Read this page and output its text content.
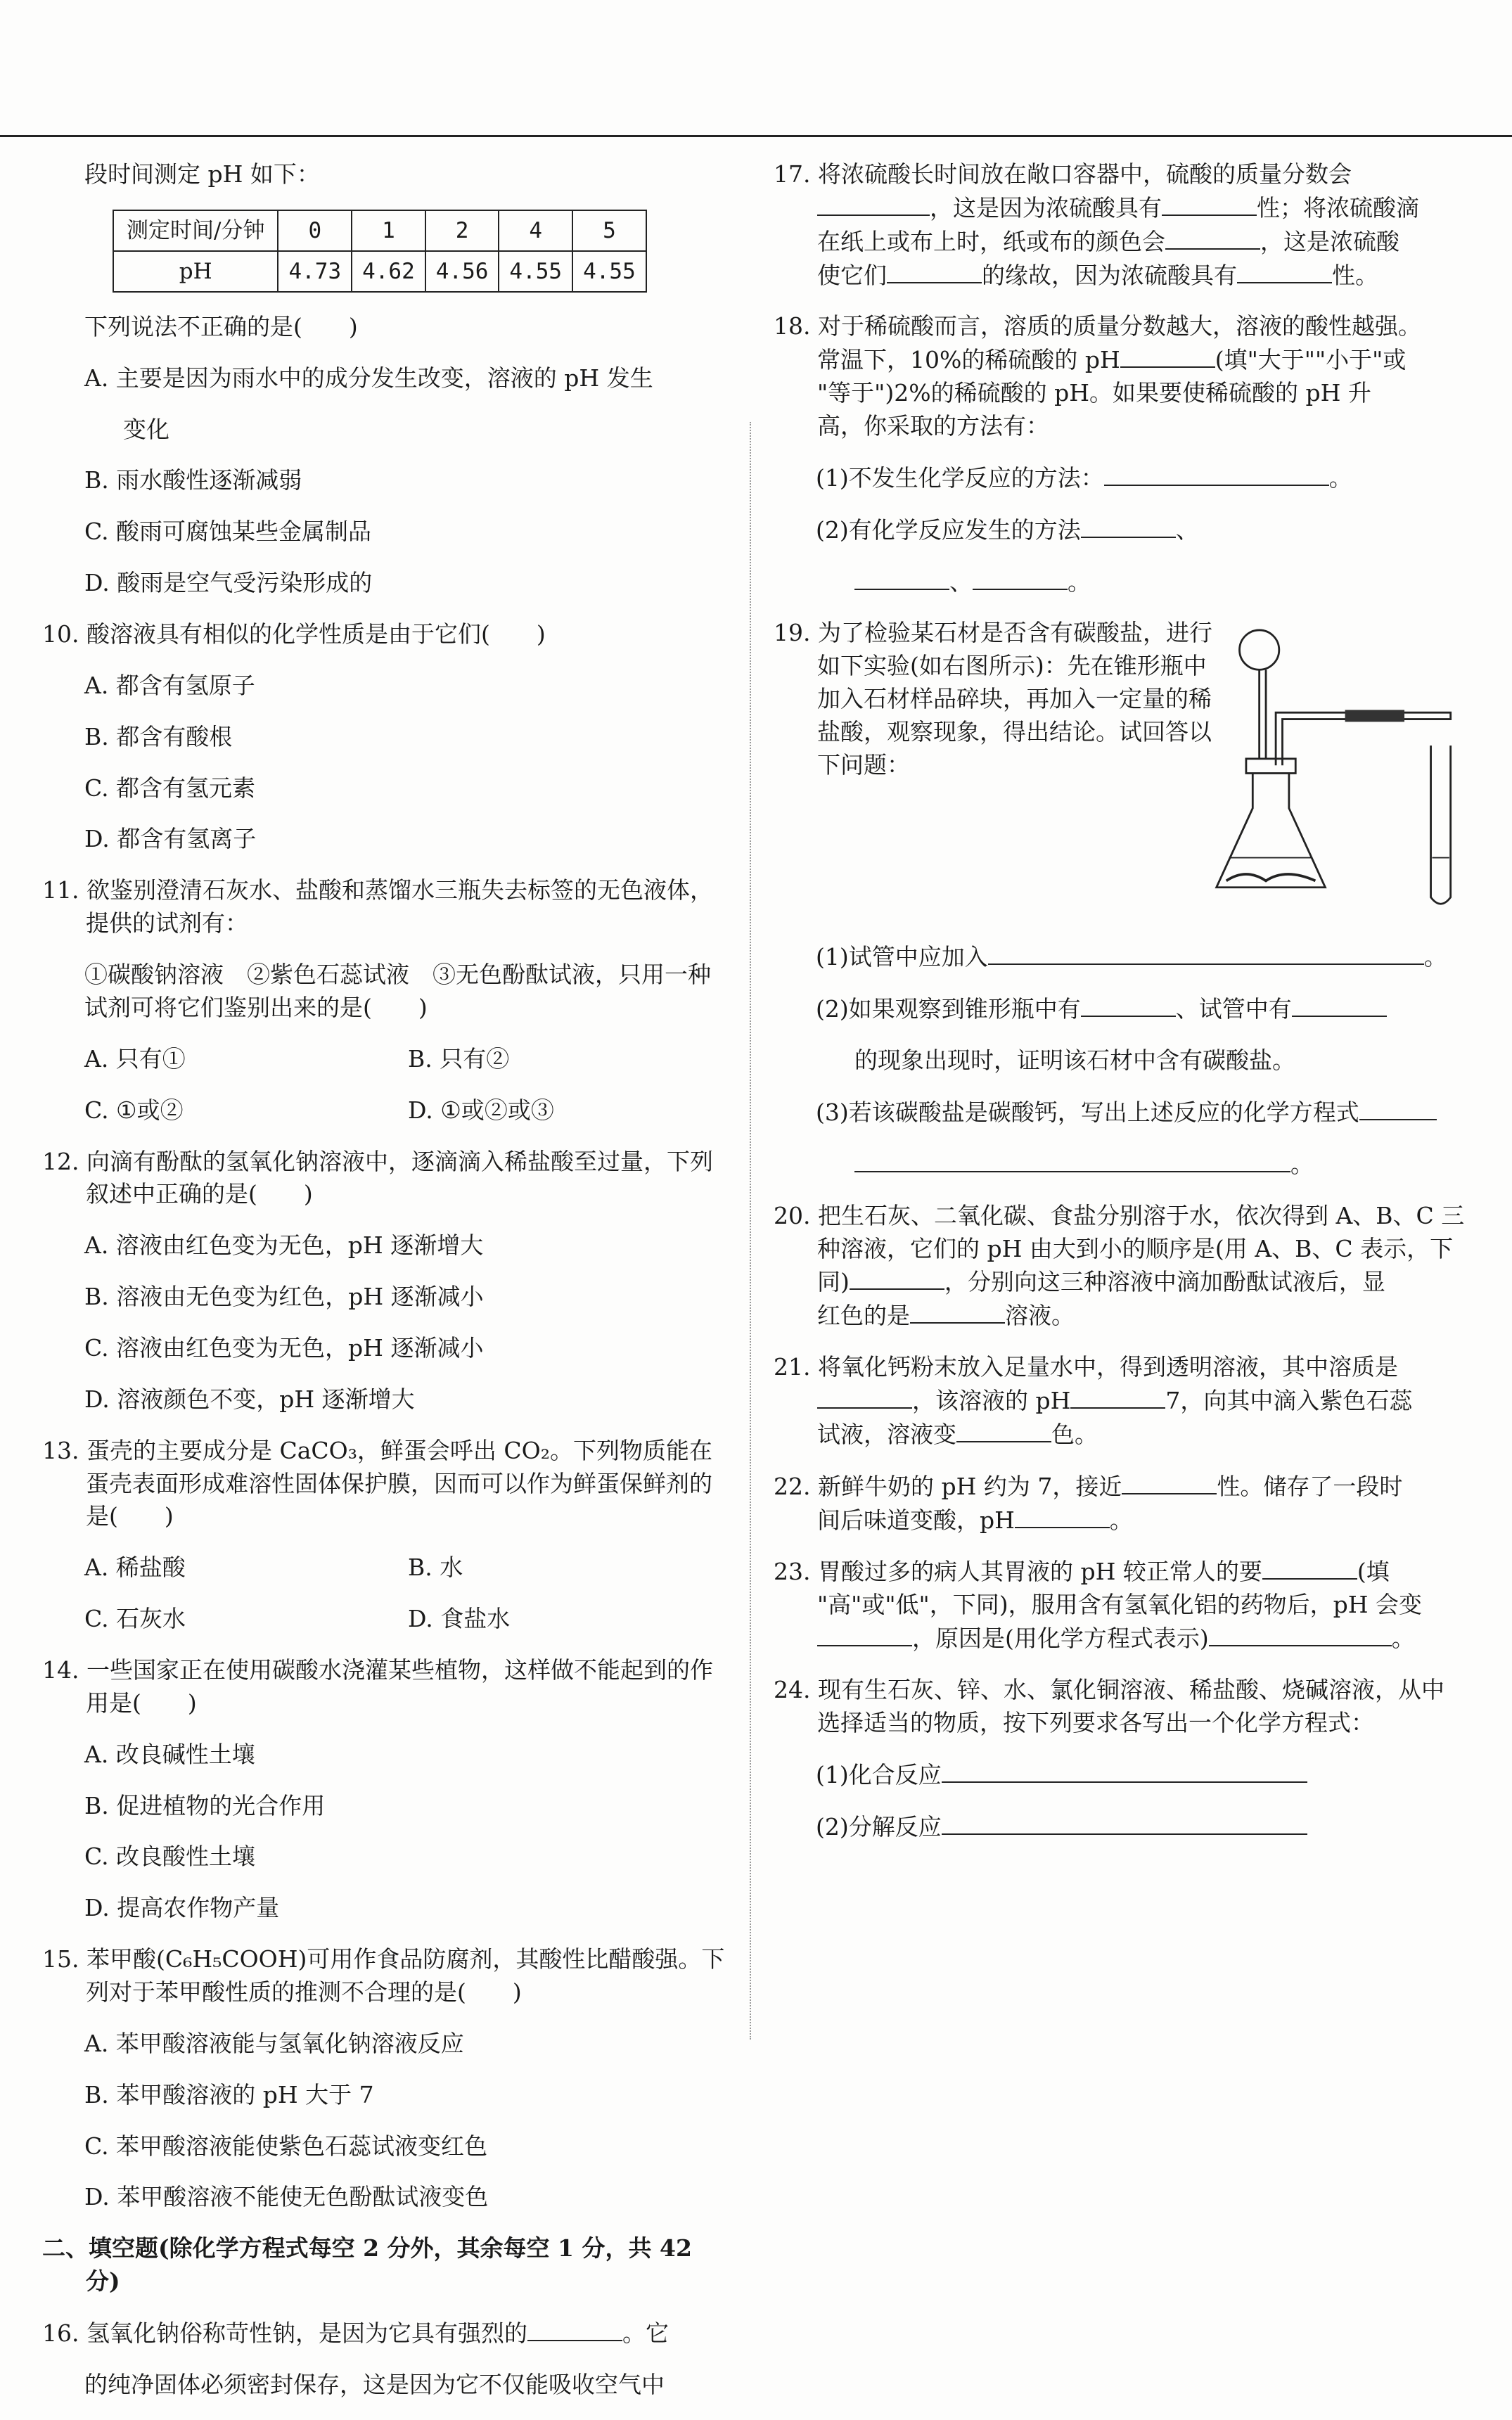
段时间测定 pH 如下：

测定时间/分钟	0	1	2	4	5
pH	4.73	4.62	4.56	4.55	4.55

下列说法不正确的是(　　)

A. 主要是因为雨水中的成分发生改变，溶液的 pH 发生

变化

B. 雨水酸性逐渐减弱

C. 酸雨可腐蚀某些金属制品

D. 酸雨是空气受污染形成的

10. 酸溶液具有相似的化学性质是由于它们(　　)

A. 都含有氢原子

B. 都含有酸根

C. 都含有氢元素

D. 都含有氢离子

11. 欲鉴别澄清石灰水、盐酸和蒸馏水三瓶失去标签的无色液体，提供的试剂有：

①碳酸钠溶液　②紫色石蕊试液　③无色酚酞试液，只用一种试剂可将它们鉴别出来的是(　　)

A. 只有①	B. 只有②
C. ①或②	D. ①或②或③

12. 向滴有酚酞的氢氧化钠溶液中，逐滴滴入稀盐酸至过量，下列叙述中正确的是(　　)

A. 溶液由红色变为无色，pH 逐渐增大

B. 溶液由无色变为红色，pH 逐渐减小

C. 溶液由红色变为无色，pH 逐渐减小

D. 溶液颜色不变，pH 逐渐增大

13. 蛋壳的主要成分是 CaCO₃，鲜蛋会呼出 CO₂。下列物质能在蛋壳表面形成难溶性固体保护膜，因而可以作为鲜蛋保鲜剂的是(　　)

A. 稀盐酸	B. 水
C. 石灰水	D. 食盐水

14. 一些国家正在使用碳酸水浇灌某些植物，这样做不能起到的作用是(　　)

A. 改良碱性土壤

B. 促进植物的光合作用

C. 改良酸性土壤

D. 提高农作物产量

15. 苯甲酸(C₆H₅COOH)可用作食品防腐剂，其酸性比醋酸强。下列对于苯甲酸性质的推测不合理的是(　　)

A. 苯甲酸溶液能与氢氧化钠溶液反应

B. 苯甲酸溶液的 pH 大于 7

C. 苯甲酸溶液能使紫色石蕊试液变红色

D. 苯甲酸溶液不能使无色酚酞试液变色

二、填空题(除化学方程式每空 2 分外，其余每空 1 分，共 42 分)

16. 氢氧化钠俗称苛性钠，是因为它具有强烈的	。它

的纯净固体必须密封保存，这是因为它不仅能吸收空气中

17. 将浓硫酸长时间放在敞口容器中，硫酸的质量分数会
，这是因为浓硫酸具有	性；将浓硫酸滴
在纸上或布上时，纸或布的颜色会	，这是浓硫酸
使它们	的缘故，因为浓硫酸具有	性。

18. 对于稀硫酸而言，溶质的质量分数越大，溶液的酸性越强。
常温下，10%的稀硫酸的 pH	(填"大于""小于"或
"等于")2%的稀硫酸的 pH。如果要使稀硫酸的 pH 升
高，你采取的方法有：

(1)不发生化学反应的方法：	。

(2)有化学反应发生的方法	、

、	。

19. 为了检验某石材是否含有碳酸盐，进行如下实验(如右图所示)：先在锥形瓶中加入石材样品碎块，再加入一定量的稀盐酸，观察现象，得出结论。试回答以下问题：

(1)试管中应加入	。

(2)如果观察到锥形瓶中有	、试管中有

的现象出现时，证明该石材中含有碳酸盐。

(3)若该碳酸盐是碳酸钙，写出上述反应的化学方程式

。

20. 把生石灰、二氧化碳、食盐分别溶于水，依次得到 A、B、C 三种溶液，它们的 pH 由大到小的顺序是(用 A、B、C 表示，下同)	，分别向这三种溶液中滴加酚酞试液后，显
红色的是	溶液。

21. 将氧化钙粉末放入足量水中，得到透明溶液，其中溶质是
，该溶液的 pH	7，向其中滴入紫色石蕊
试液，溶液变	色。

22. 新鲜牛奶的 pH 约为 7，接近	性。储存了一段时
间后味道变酸，pH	。

23. 胃酸过多的病人其胃液的 pH 较正常人的要	(填
"高"或"低"，下同)，服用含有氢氧化铝的药物后，pH 会变
，原因是(用化学方程式表示)	。

24. 现有生石灰、锌、水、氯化铜溶液、稀盐酸、烧碱溶液，从中
选择适当的物质，按下列要求各写出一个化学方程式：

(1)化合反应

(2)分解反应
